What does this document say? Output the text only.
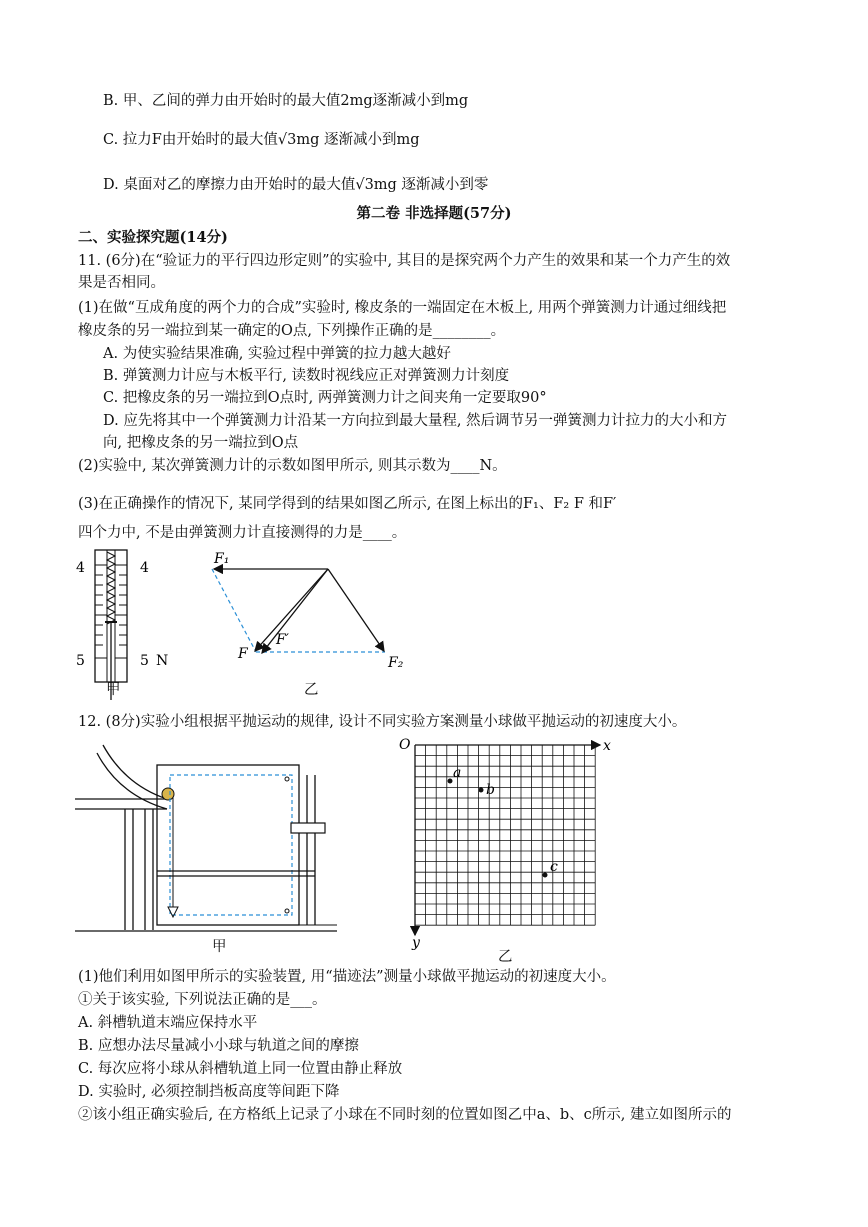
B. 甲、乙间的弹力由开始时的最大值2mg逐渐减小到mg
C. 拉力F由开始时的最大值√3mg 逐渐减小到mg
D. 桌面对乙的摩擦力由开始时的最大值√3mg 逐渐减小到零
第二卷 非选择题(57分)
二、实验探究题(14分)
11. (6分)在“验证力的平行四边形定则”的实验中, 其目的是探究两个力产生的效果和某一个力产生的效
果是否相同。
(1)在做“互成角度的两个力的合成”实验时, 橡皮条的一端固定在木板上, 用两个弹簧测力计通过细线把
橡皮条的另一端拉到某一确定的O点, 下列操作正确的是________。
A. 为使实验结果准确, 实验过程中弹簧的拉力越大越好
B. 弹簧测力计应与木板平行, 读数时视线应正对弹簧测力计刻度
C. 把橡皮条的另一端拉到O点时, 两弹簧测力计之间夹角一定要取90°
D. 应先将其中一个弹簧测力计沿某一方向拉到最大量程, 然后调节另一弹簧测力计拉力的大小和方
向, 把橡皮条的另一端拉到O点
(2)实验中, 某次弹簧测力计的示数如图甲所示, 则其示数为____N。
(3)在正确操作的情况下, 某同学得到的结果如图乙所示, 在图上标出的F₁、F₂ F 和F′
四个力中, 不是由弹簧测力计直接测得的力是____。
4	4
5	5 N
甲
F₁
F₂
F
F′
乙
12. (8分)实验小组根据平抛运动的规律, 设计不同实验方案测量小球做平抛运动的初速度大小。
甲
O	x
y
a
b
c
乙
(1)他们利用如图甲所示的实验装置, 用“描迹法”测量小球做平抛运动的初速度大小。
①关于该实验, 下列说法正确的是___。
A. 斜槽轨道末端应保持水平
B. 应想办法尽量减小小球与轨道之间的摩擦
C. 每次应将小球从斜槽轨道上同一位置由静止释放
D. 实验时, 必须控制挡板高度等间距下降
②该小组正确实验后, 在方格纸上记录了小球在不同时刻的位置如图乙中a、b、c所示, 建立如图所示的
